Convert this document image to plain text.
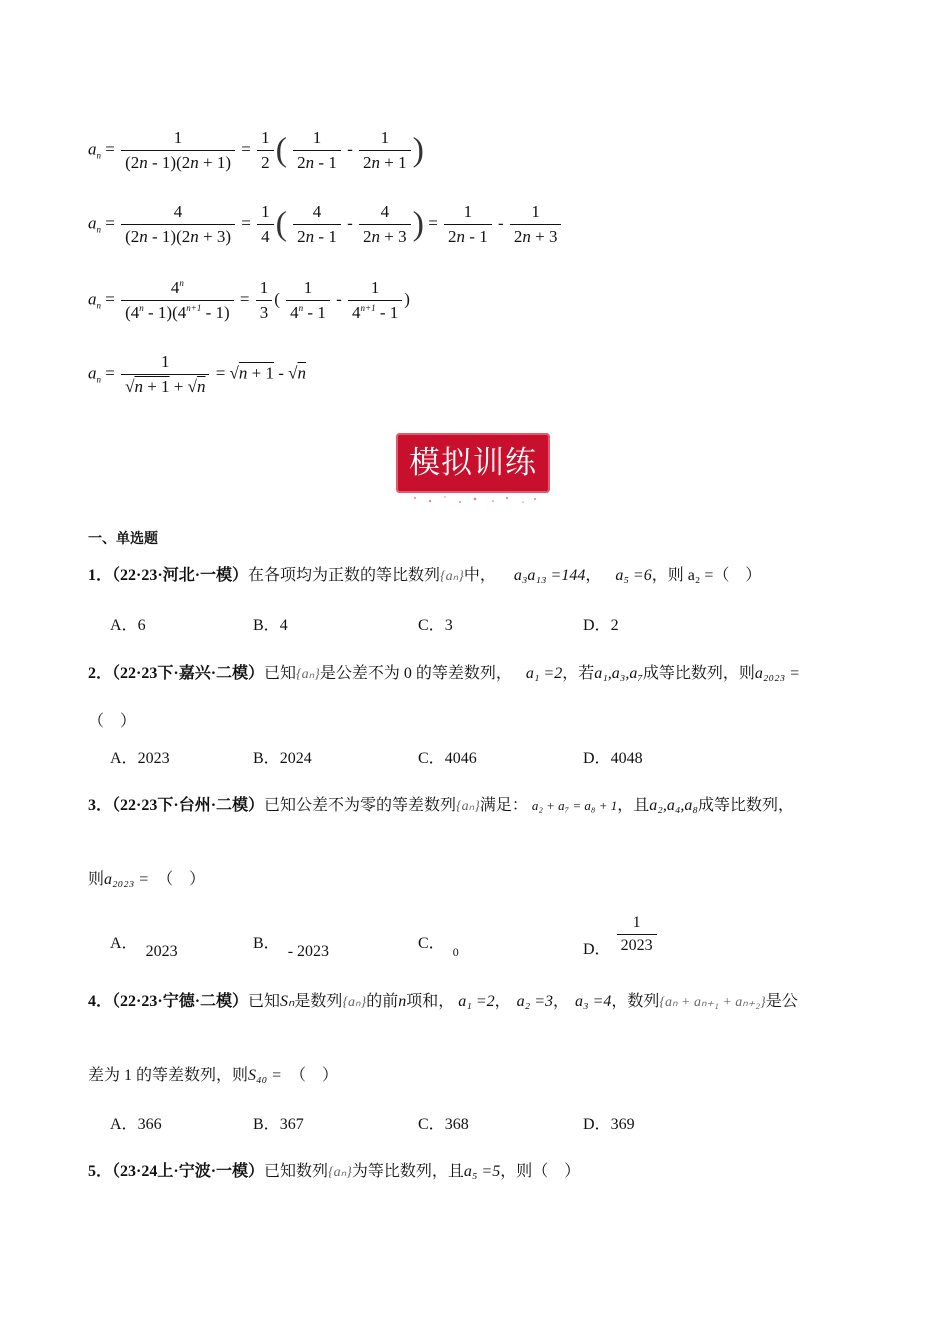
$a_n = \frac{1}{(2n - 1)(2n + 1)} = \frac{1}{2}$ ( $\frac{1}{2n - 1} - \frac{1}{2n + 1}$ )
$a_n = \frac{4}{(2n - 1)(2n + 3)} = \frac{1}{4}$ ( $\frac{4}{2n - 1} - \frac{4}{2n + 3}$ ) = $\frac{1}{2n - 1} - \frac{1}{2n + 3}$
$a_n = \frac{4^n}{(4^n - 1)(4^{n+1} - 1)} = \frac{1}{3}$ ( $\frac{1}{4^n - 1} - \frac{1}{4^{n+1} - 1}$ )
$a_n = \frac{1}{√n + 1 + √n} = √n + 1 - √n$
模拟训练
一、单选题
1．（22·23·河北·一模）在各项均为正数的等比数列{aₙ}中， a₃a₁₃ =144， a₅ =6，则 a₂ =（　）
A．6	B．4	C．3	D．2
2．（22·23下·嘉兴·二模）已知{aₙ}是公差不为 0 的等差数列， a₁ =2，若a₁,a₃,a₇成等比数列，则a₂₀₂₃ =
（　）
A．2023	B．2024	C．4046	D．4048
3．（22·23下·台州·二模）已知公差不为零的等差数列{aₙ}满足： a₂ + a₇ = a₈ + 1，且a₂,a₄,a₈成等比数列，
则a₂₀₂₃ =　 （　）
A． 2023	B． - 2023	C． $_0$	D． $\frac{1}{2023}$
4．（22·23·宁德·二模）已知Sₙ是数列{aₙ}的前n项和， a₁ =2， a₂ =3， a₃ =4，数列{aₙ + aₙ₊₁ + aₙ₊₂}是公
差为 1 的等差数列，则S₄₀ =　 （　）
A．366	B．367	C．368	D．369
5．（23·24上·宁波·一模）已知数列{aₙ}为等比数列，且a₅ =5，则（　）
